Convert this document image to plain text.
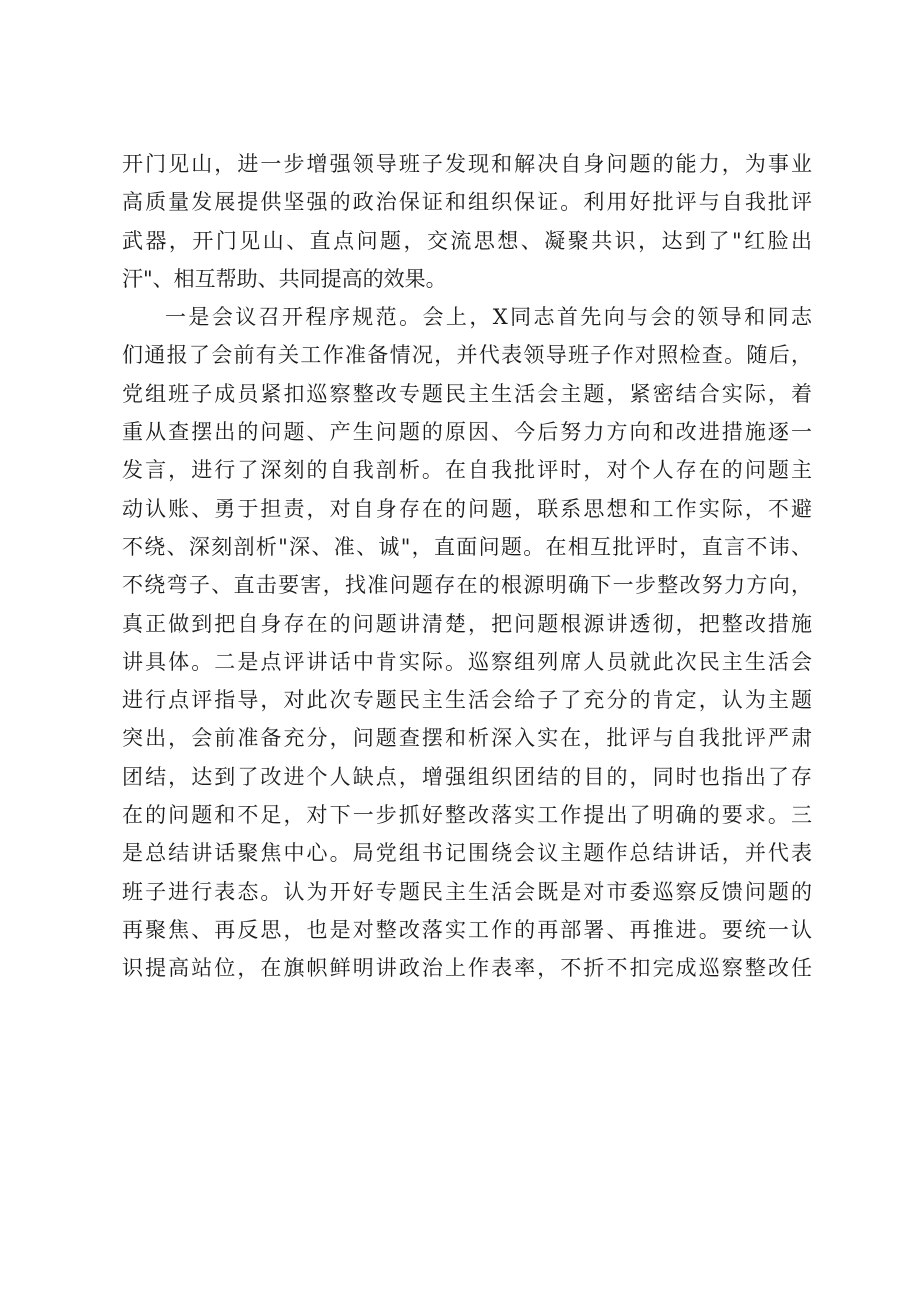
开门见山，进一步增强领导班子发现和解决自身问题的能力，为事业
高质量发展提供坚强的政治保证和组织保证。利用好批评与自我批评
武器，开门见山、直点问题，交流思想、凝聚共识，达到了"红脸出
汗"、相互帮助、共同提高的效果。
一是会议召开程序规范。会上，X同志首先向与会的领导和同志
们通报了会前有关工作准备情况，并代表领导班子作对照检查。随后，
党组班子成员紧扣巡察整改专题民主生活会主题，紧密结合实际，着
重从查摆出的问题、产生问题的原因、今后努力方向和改进措施逐一
发言，进行了深刻的自我剖析。在自我批评时，对个人存在的问题主
动认账、勇于担责，对自身存在的问题，联系思想和工作实际，不避
不绕、深刻剖析"深、准、诚"，直面问题。在相互批评时，直言不讳、
不绕弯子、直击要害，找准问题存在的根源明确下一步整改努力方向，
真正做到把自身存在的问题讲清楚，把问题根源讲透彻，把整改措施
讲具体。二是点评讲话中肯实际。巡察组列席人员就此次民主生活会
进行点评指导，对此次专题民主生活会给子了充分的肯定，认为主题
突出，会前准备充分，问题查摆和析深入实在，批评与自我批评严肃
团结，达到了改进个人缺点，增强组织团结的目的，同时也指出了存
在的问题和不足，对下一步抓好整改落实工作提出了明确的要求。三
是总结讲话聚焦中心。局党组书记围绕会议主题作总结讲话，并代表
班子进行表态。认为开好专题民主生活会既是对市委巡察反馈问题的
再聚焦、再反思，也是对整改落实工作的再部署、再推进。要统一认
识提高站位，在旗帜鲜明讲政治上作表率，不折不扣完成巡察整改任
